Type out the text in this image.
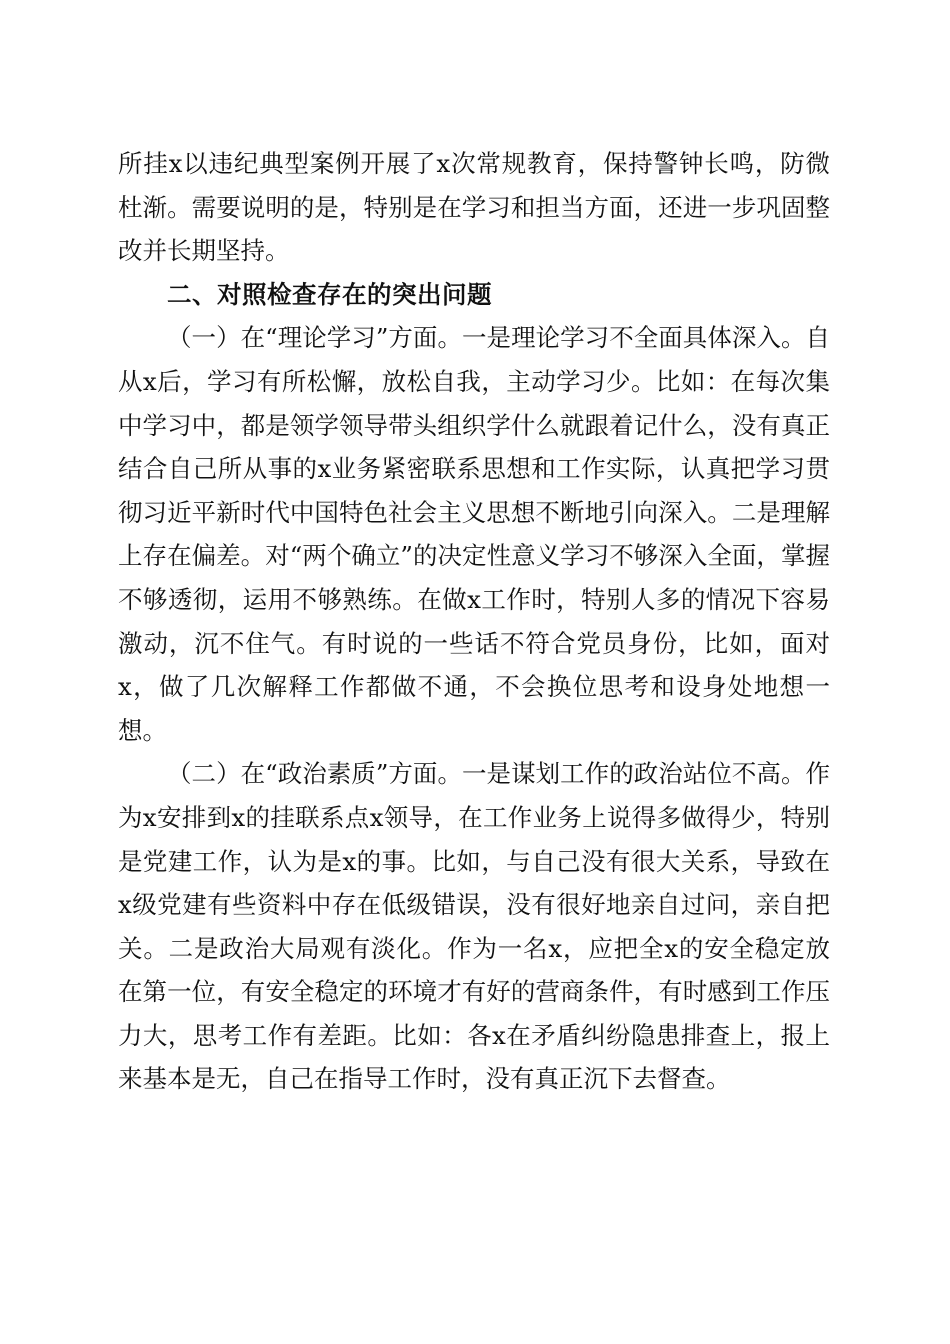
所挂x以违纪典型案例开展了x次常规教育，保持警钟长鸣，防微杜渐。需要说明的是，特别是在学习和担当方面，还进一步巩固整改并长期坚持。

二、对照检查存在的突出问题

（一）在“理论学习”方面。一是理论学习不全面具体深入。自从x后，学习有所松懈，放松自我，主动学习少。比如：在每次集中学习中，都是领学领导带头组织学什么就跟着记什么，没有真正结合自己所从事的x业务紧密联系思想和工作实际，认真把学习贯彻习近平新时代中国特色社会主义思想不断地引向深入。二是理解上存在偏差。对“两个确立”的决定性意义学习不够深入全面，掌握不够透彻，运用不够熟练。在做x工作时，特别人多的情况下容易激动，沉不住气。有时说的一些话不符合党员身份，比如，面对x，做了几次解释工作都做不通，不会换位思考和设身处地想一想。

（二）在“政治素质”方面。一是谋划工作的政治站位不高。作为x安排到x的挂联系点x领导，在工作业务上说得多做得少，特别是党建工作，认为是x的事。比如，与自己没有很大关系，导致在x级党建有些资料中存在低级错误，没有很好地亲自过问，亲自把关。二是政治大局观有淡化。作为一名x，应把全x的安全稳定放在第一位，有安全稳定的环境才有好的营商条件，有时感到工作压力大，思考工作有差距。比如：各x在矛盾纠纷隐患排查上，报上来基本是无，自己在指导工作时，没有真正沉下去督查。
